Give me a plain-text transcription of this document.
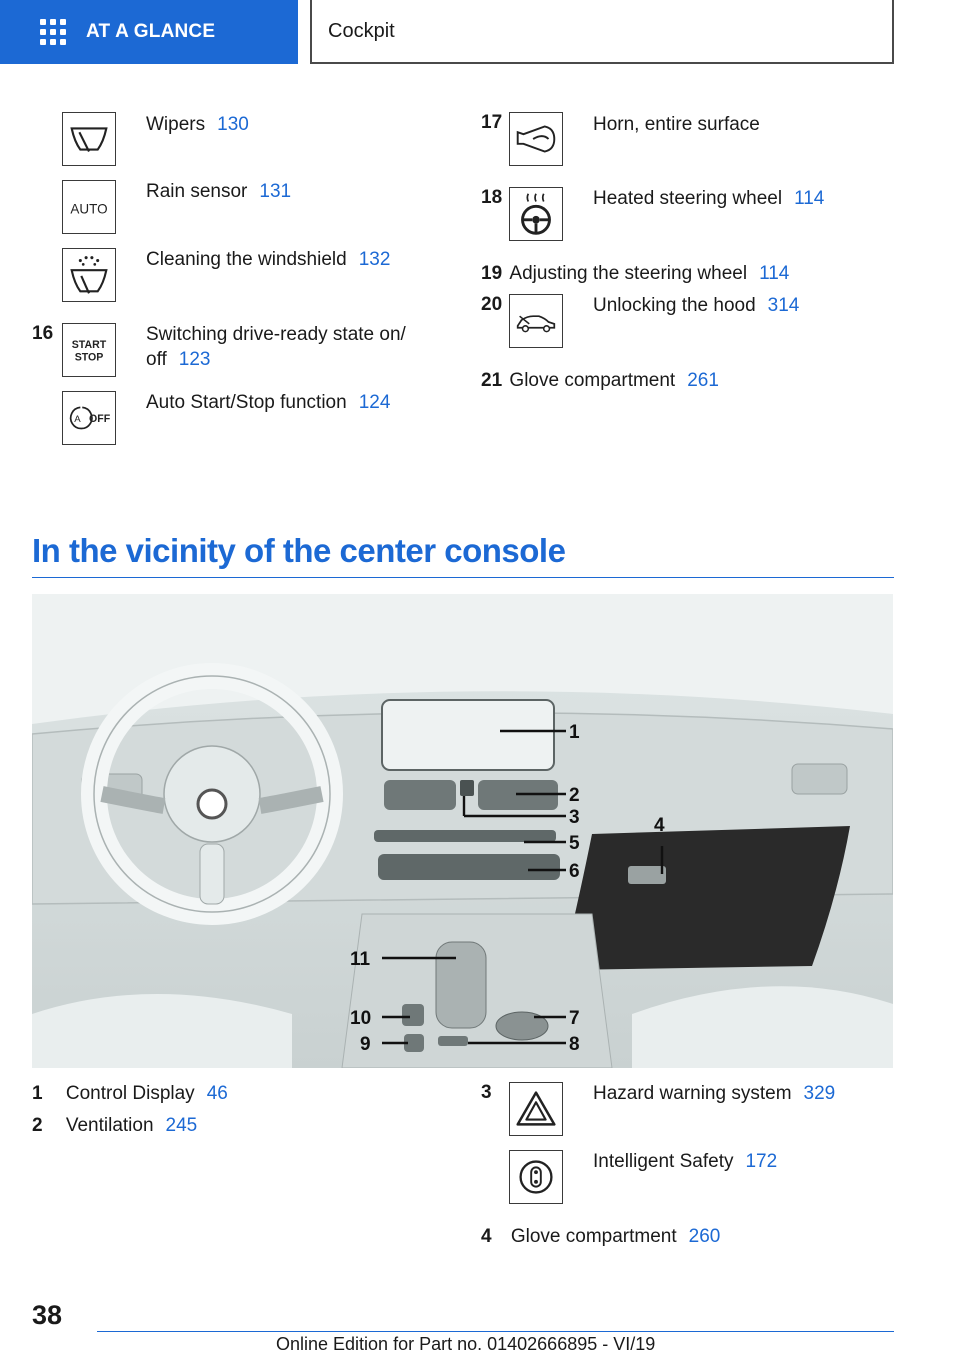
AT A GLANCE	Cockpit
Wipers 130
AUTO
Rain sensor 131
Cleaning the windshield 132
16
START
STOP
Switching drive-ready state on/
off 123
A OFF
Auto Start/Stop function 124
17	Horn, entire surface
18	Heated steering wheel 114
19 Adjusting the steering wheel 114
20	Unlocking the hood 314
21 Glove compartment 261
In the vicinity of the center console
1
2
3	4
5
6
7
8
9
10
11
1 Control Display 46
2 Ventilation 245
3	Hazard warning system 329
Intelligent Safety 172
4 Glove compartment 260
38
Online Edition for Part no. 01402666895 - VI/19
